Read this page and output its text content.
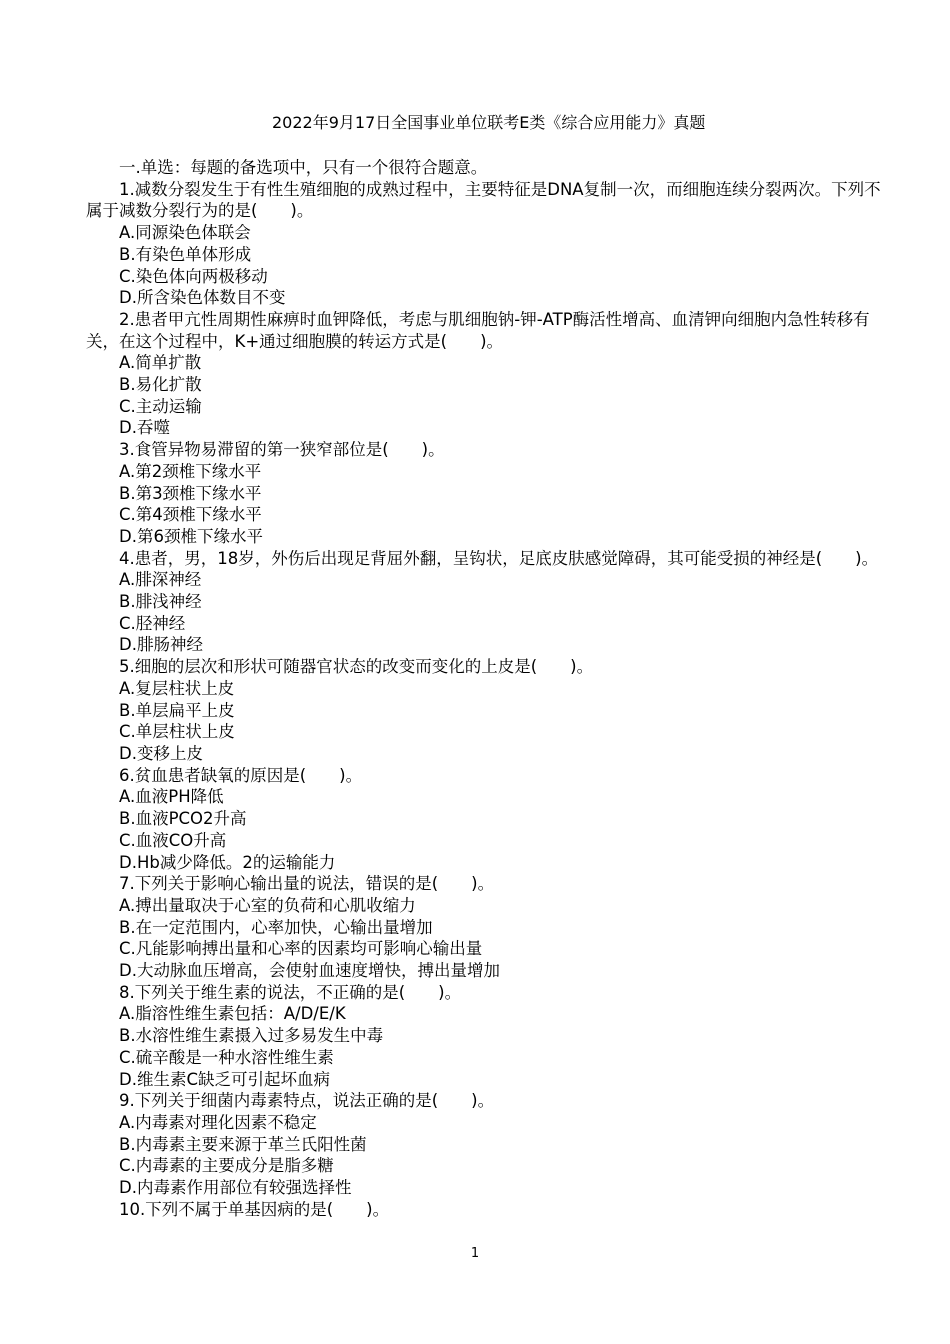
2022年9月17日全国事业单位联考E类《综合应用能力》真题
一.单选：每题的备选项中，只有一个很符合题意。
1.减数分裂发生于有性生殖细胞的成熟过程中，主要特征是DNA复制一次，而细胞连续分裂两次。下列不属于减数分裂行为的是(　　)。
A.同源染色体联会
B.有染色单体形成
C.染色体向两极移动
D.所含染色体数目不变
2.患者甲亢性周期性麻痹时血钾降低，考虑与肌细胞钠-钾-ATP酶活性增高、血清钾向细胞内急性转移有关，在这个过程中，K+通过细胞膜的转运方式是(　　)。
A.简单扩散
B.易化扩散
C.主动运输
D.吞噬
3.食管异物易滞留的第一狭窄部位是(　　)。
A.第2颈椎下缘水平
B.第3颈椎下缘水平
C.第4颈椎下缘水平
D.第6颈椎下缘水平
4.患者，男，18岁，外伤后出现足背屈外翻，呈钩状，足底皮肤感觉障碍，其可能受损的神经是(　　)。
A.腓深神经
B.腓浅神经
C.胫神经
D.腓肠神经
5.细胞的层次和形状可随器官状态的改变而变化的上皮是(　　)。
A.复层柱状上皮
B.单层扁平上皮
C.单层柱状上皮
D.变移上皮
6.贫血患者缺氧的原因是(　　)。
A.血液PH降低
B.血液PCO2升高
C.血液CO升高
D.Hb减少降低。2的运输能力
7.下列关于影响心输出量的说法，错误的是(　　)。
A.搏出量取决于心室的负荷和心肌收缩力
B.在一定范围内，心率加快，心输出量增加
C.凡能影响搏出量和心率的因素均可影响心输出量
D.大动脉血压增高，会使射血速度增快，搏出量增加
8.下列关于维生素的说法，不正确的是(　　)。
A.脂溶性维生素包括：A/D/E/K
B.水溶性维生素摄入过多易发生中毒
C.硫辛酸是一种水溶性维生素
D.维生素C缺乏可引起坏血病
9.下列关于细菌内毒素特点，说法正确的是(　　)。
A.内毒素对理化因素不稳定
B.内毒素主要来源于革兰氏阳性菌
C.内毒素的主要成分是脂多糖
D.内毒素作用部位有较强选择性
10.下列不属于单基因病的是(　　)。
1
